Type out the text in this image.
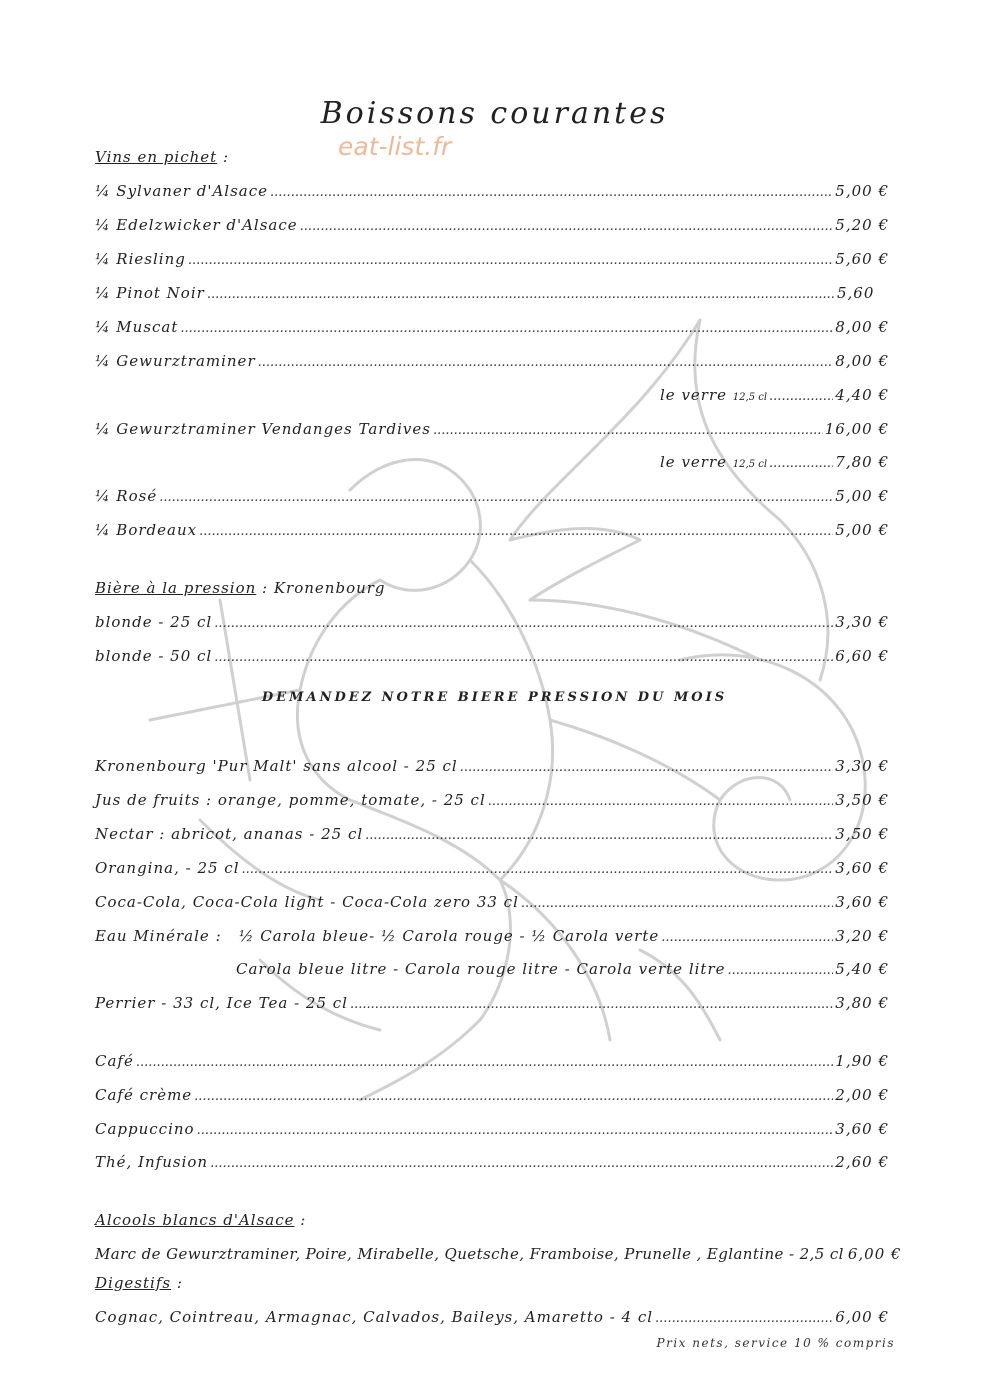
Boissons courantes
eat-list.fr
Vins en pichet :
¼ Sylvaner d'Alsace .....	5,00 €
¼ Edelzwicker d'Alsace .....	5,20 €
¼ Riesling .....	5,60 €
¼ Pinot Noir .....	5,60
¼ Muscat .....	8,00 €
¼ Gewurztraminer .....	8,00 €
le verre 12,5 cl .....	4,40 €
¼ Gewurztraminer Vendanges Tardives .....	16,00 €
le verre 12,5 cl .....	7,80 €
¼ Rosé .....	5,00 €
¼ Bordeaux .....	5,00 €
Bière à la pression : Kronenbourg
blonde - 25 cl .....	3,30 €
blonde - 50 cl .....	6,60 €
DEMANDEZ NOTRE BIERE PRESSION DU MOIS
Kronenbourg 'Pur Malt' sans alcool - 25 cl .....	3,30 €
Jus de fruits : orange, pomme, tomate, - 25 cl .....	3,50 €
Nectar : abricot, ananas - 25 cl .....	3,50 €
Orangina, - 25 cl .....	3,60 €
Coca-Cola, Coca-Cola light - Coca-Cola zero 33 cl .....	3,60 €
Eau Minérale :   ½ Carola bleue- ½ Carola rouge - ½ Carola verte .....	3,20 €
Carola bleue litre - Carola rouge litre - Carola verte litre .....	5,40 €
Perrier - 33 cl, Ice Tea - 25 cl .....	3,80 €
Café .....	1,90 €
Café crème .....	2,00 €
Cappuccino .....	3,60 €
Thé, Infusion .....	2,60 €
Alcools blancs d'Alsace :
Marc de Gewurztraminer, Poire, Mirabelle, Quetsche, Framboise, Prunelle , Eglantine - 2,5 cl 6,00 €
Digestifs :
Cognac, Cointreau, Armagnac, Calvados, Baileys, Amaretto - 4 cl .....	6,00 €
Prix nets, service 10 % compris
